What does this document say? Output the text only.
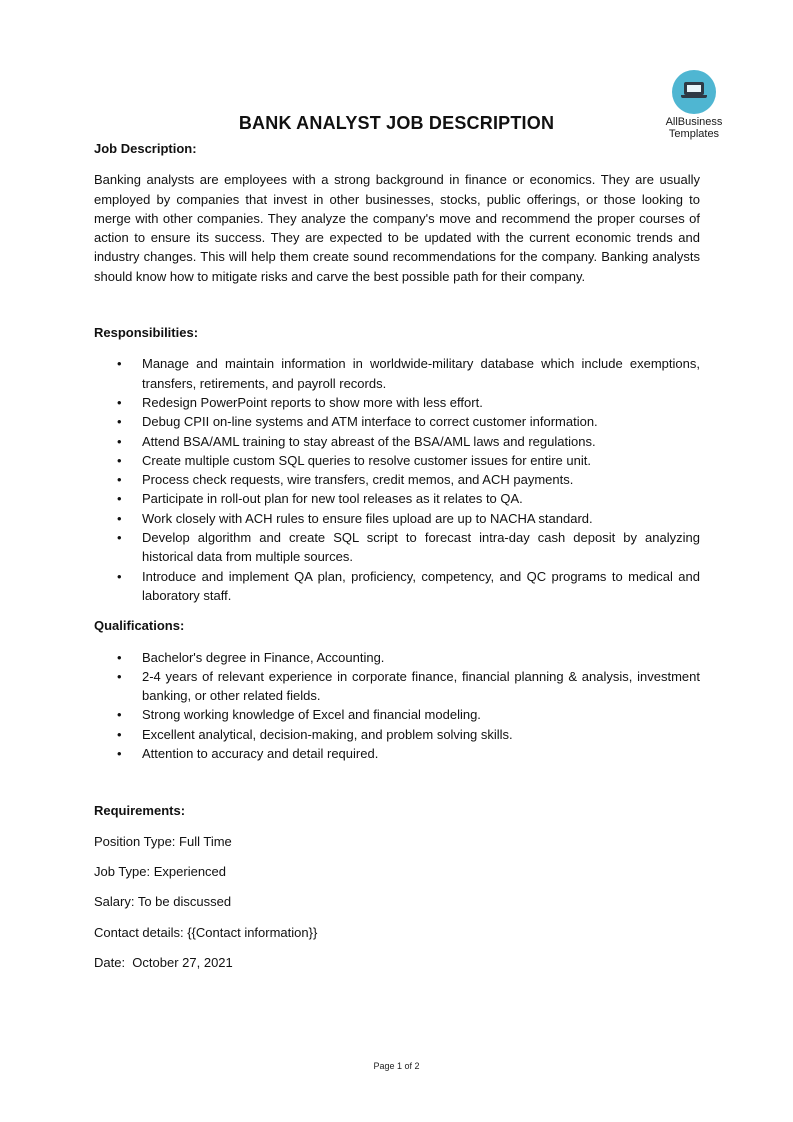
AllBusiness
Templates
BANK ANALYST JOB DESCRIPTION

Job Description:

Banking analysts are employees with a strong background in finance or economics. They are usually employed by companies that invest in other businesses, stocks, public offerings, or those looking to merge with other companies. They analyze the company's move and recommend the proper courses of action to ensure its success. They are expected to be updated with the current economic trends and industry changes. This will help them create sound recommendations for the company. Banking analysts should know how to mitigate risks and carve the best possible path for their company.

Responsibilities:

• Manage and maintain information in worldwide-military database which include exemptions, transfers, retirements, and payroll records.
• Redesign PowerPoint reports to show more with less effort.
• Debug CPII on-line systems and ATM interface to correct customer information.
• Attend BSA/AML training to stay abreast of the BSA/AML laws and regulations.
• Create multiple custom SQL queries to resolve customer issues for entire unit.
• Process check requests, wire transfers, credit memos, and ACH payments.
• Participate in roll-out plan for new tool releases as it relates to QA.
• Work closely with ACH rules to ensure files upload are up to NACHA standard.
• Develop algorithm and create SQL script to forecast intra-day cash deposit by analyzing historical data from multiple sources.
• Introduce and implement QA plan, proficiency, competency, and QC programs to medical and laboratory staff.

Qualifications:

• Bachelor's degree in Finance, Accounting.
• 2-4 years of relevant experience in corporate finance, financial planning & analysis, investment banking, or other related fields.
• Strong working knowledge of Excel and financial modeling.
• Excellent analytical, decision-making, and problem solving skills.
• Attention to accuracy and detail required.

Requirements:

Position Type: Full Time

Job Type: Experienced

Salary: To be discussed

Contact details: {{Contact information}}

Date:  October 27, 2021

Page 1 of 2
